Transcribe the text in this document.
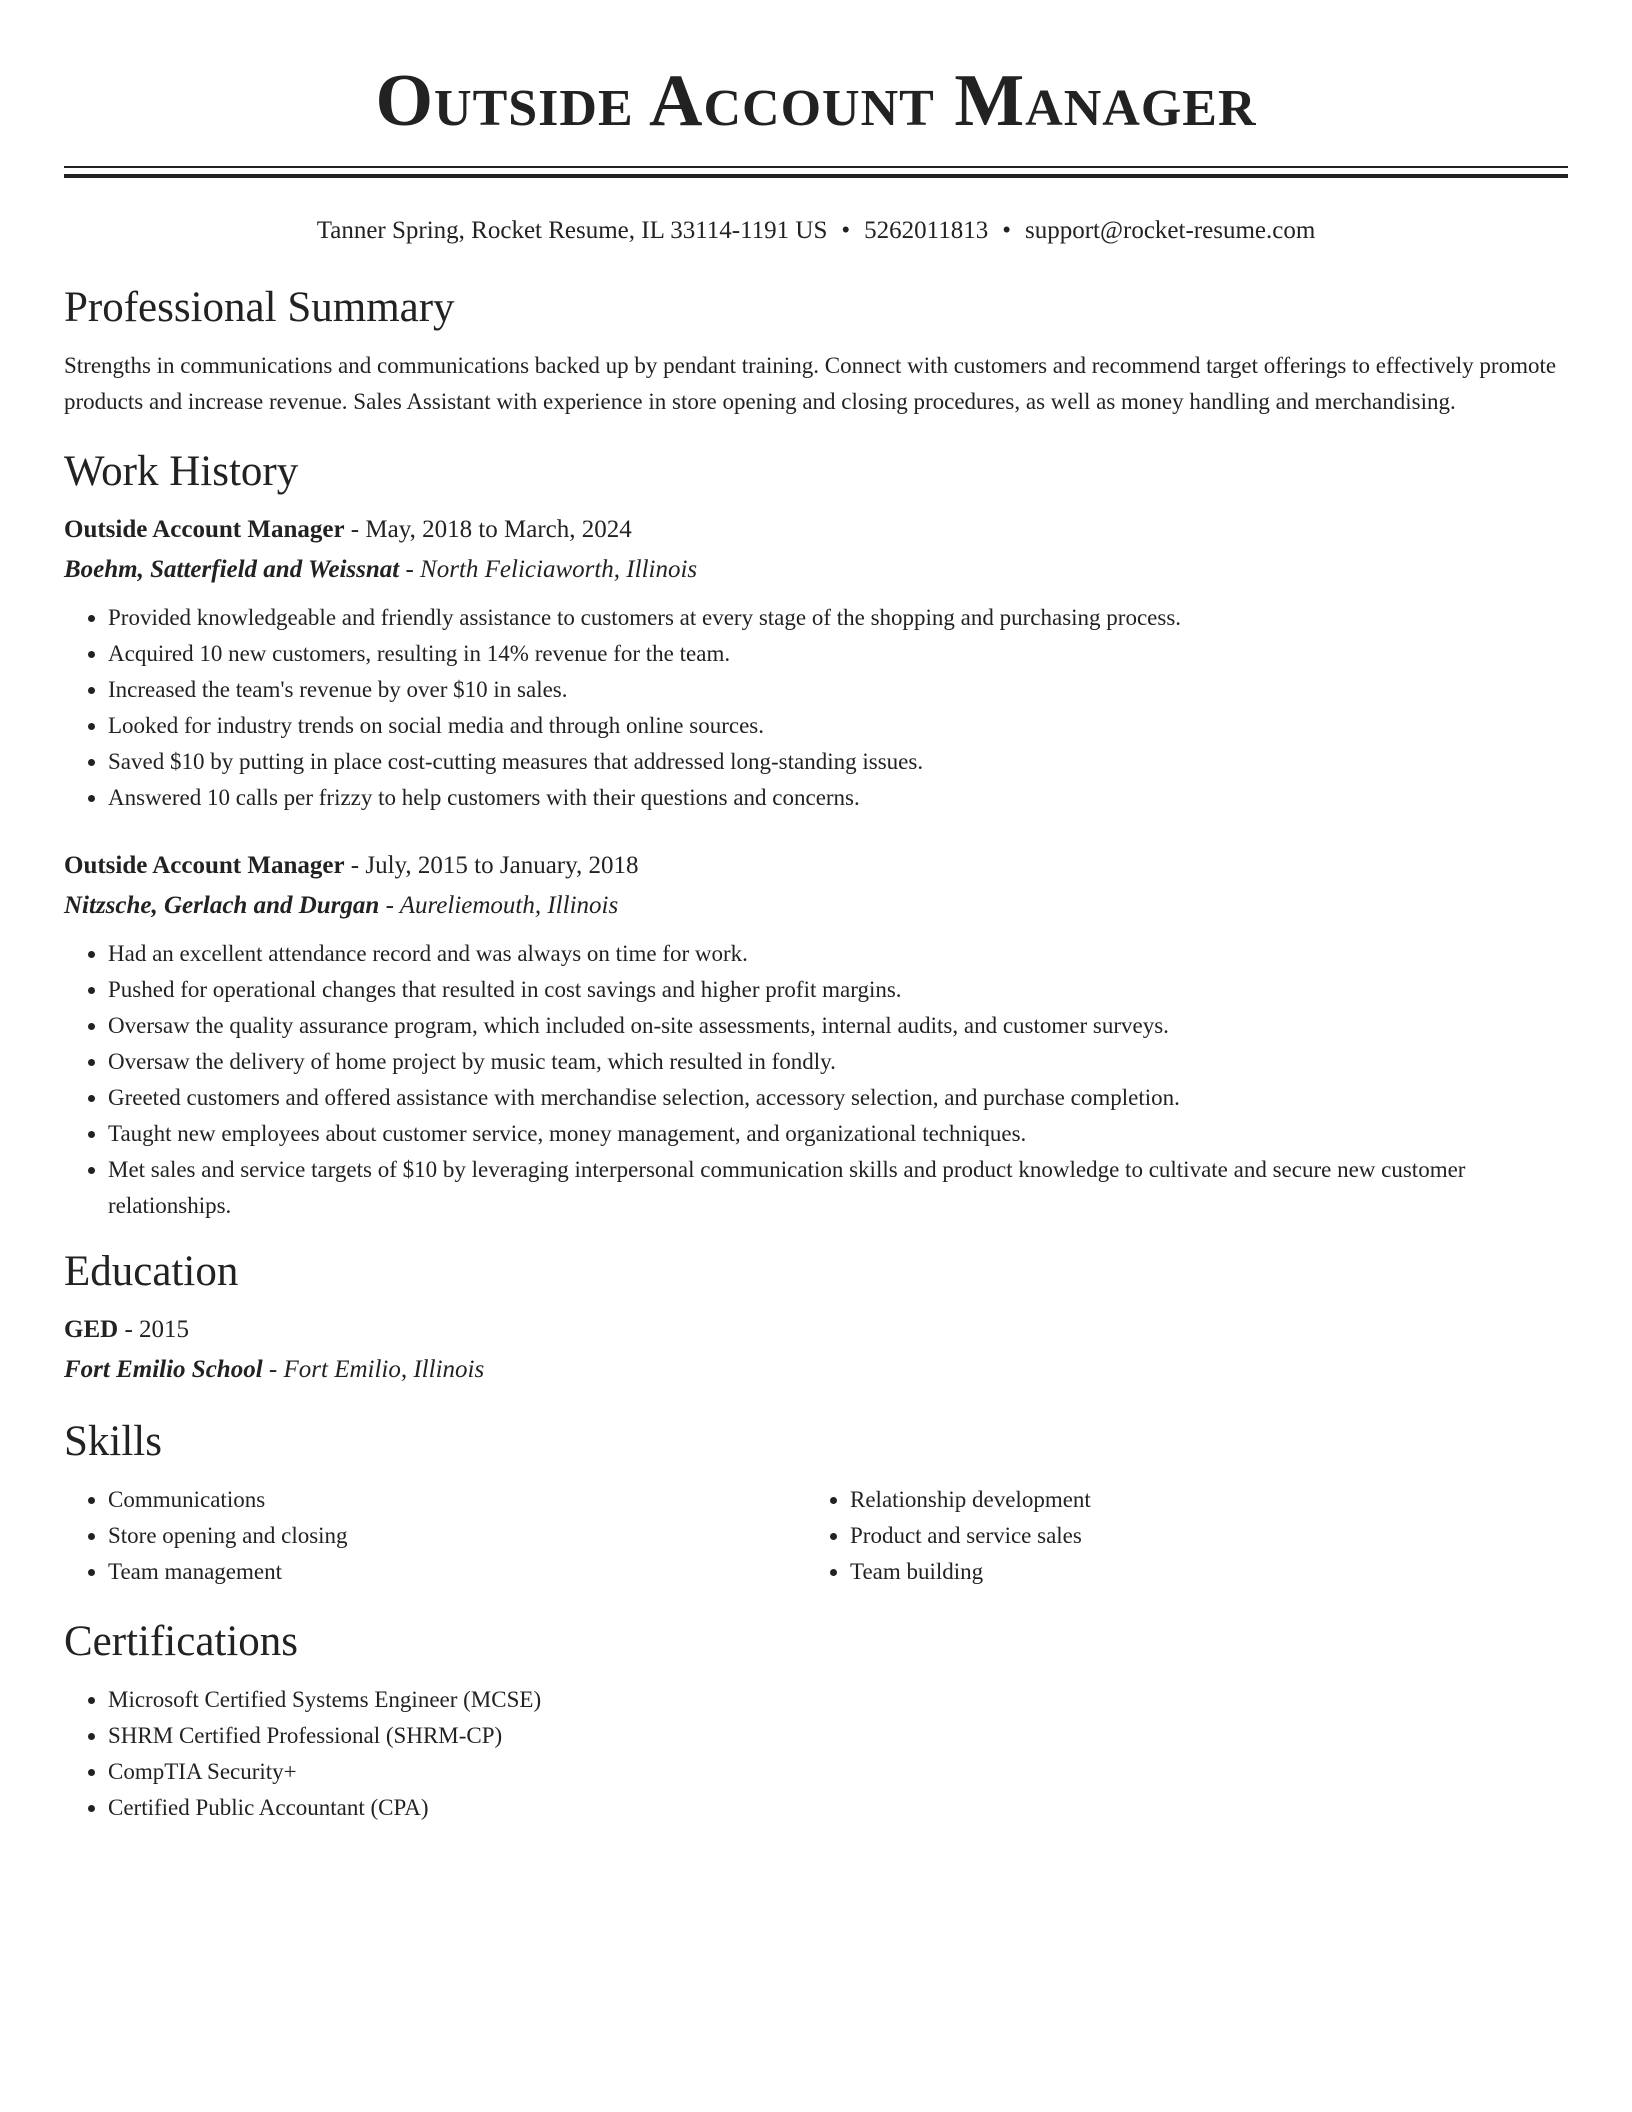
Outside Account Manager
Tanner Spring, Rocket Resume, IL 33114-1191 US • 5262011813 • support@rocket-resume.com
Professional Summary

Strengths in communications and communications backed up by pendant training. Connect with customers and recommend target offerings to effectively promote products and increase revenue. Sales Assistant with experience in store opening and closing procedures, as well as money handling and merchandising.

Work History
Outside Account Manager - May, 2018 to March, 2024
Boehm, Satterfield and Weissnat - North Feliciaworth, Illinois
• Provided knowledgeable and friendly assistance to customers at every stage of the shopping and purchasing process.
• Acquired 10 new customers, resulting in 14% revenue for the team.
• Increased the team's revenue by over $10 in sales.
• Looked for industry trends on social media and through online sources.
• Saved $10 by putting in place cost-cutting measures that addressed long-standing issues.
• Answered 10 calls per frizzy to help customers with their questions and concerns.
Outside Account Manager - July, 2015 to January, 2018
Nitzsche, Gerlach and Durgan - Aureliemouth, Illinois
• Had an excellent attendance record and was always on time for work.
• Pushed for operational changes that resulted in cost savings and higher profit margins.
• Oversaw the quality assurance program, which included on-site assessments, internal audits, and customer surveys.
• Oversaw the delivery of home project by music team, which resulted in fondly.
• Greeted customers and offered assistance with merchandise selection, accessory selection, and purchase completion.
• Taught new employees about customer service, money management, and organizational techniques.
• Met sales and service targets of $10 by leveraging interpersonal communication skills and product knowledge to cultivate and secure new customer relationships.
Education
GED - 2015
Fort Emilio School - Fort Emilio, Illinois
Skills
• Communications
• Store opening and closing
• Team management
• Relationship development
• Product and service sales
• Team building
Certifications
• Microsoft Certified Systems Engineer (MCSE)
• SHRM Certified Professional (SHRM-CP)
• CompTIA Security+
• Certified Public Accountant (CPA)
